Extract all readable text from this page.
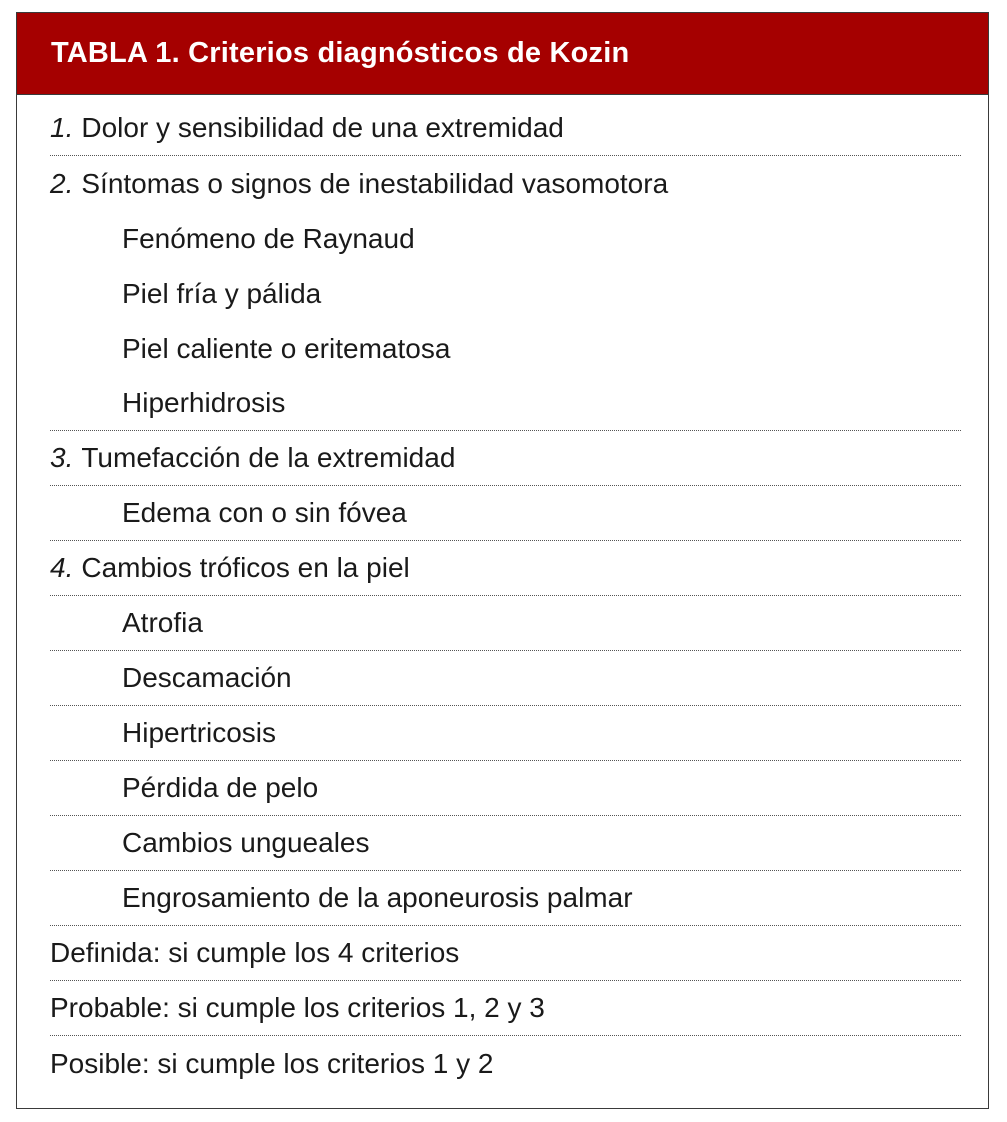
TABLA 1. Criterios diagnósticos de Kozin
1. Dolor y sensibilidad de una extremidad
2. Síntomas o signos de inestabilidad vasomotora
Fenómeno de Raynaud
Piel fría y pálida
Piel caliente o eritematosa
Hiperhidrosis
3. Tumefacción de la extremidad
Edema con o sin fóvea
4. Cambios tróficos en la piel
Atrofia
Descamación
Hipertricosis
Pérdida de pelo
Cambios ungueales
Engrosamiento de la aponeurosis palmar
Definida: si cumple los 4 criterios
Probable: si cumple los criterios 1, 2 y 3
Posible: si cumple los criterios 1 y 2
